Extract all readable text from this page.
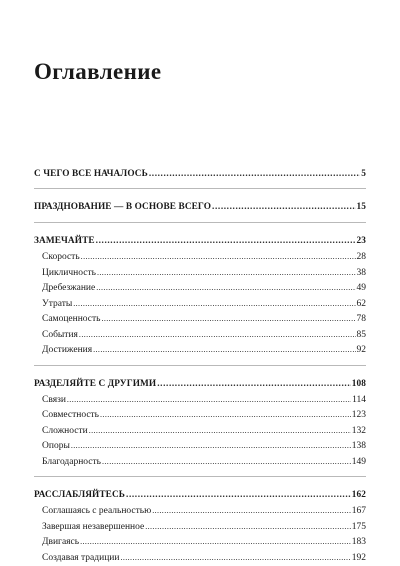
Оглавление
С ЧЕГО ВСЕ НАЧАЛОСЬ .....	5
ПРАЗДНОВАНИЕ — В ОСНОВЕ ВСЕГО .....	15
ЗАМЕЧАЙТЕ .....	23
Скорость .....	28
Цикличность .....	38
Дребезжание .....	49
Утраты .....	62
Самоценность .....	78
События .....	85
Достижения .....	92
РАЗДЕЛЯЙТЕ С ДРУГИМИ .....	108
Связи .....	114
Совместность .....	123
Сложности .....	132
Опоры .....	138
Благодарность .....	149
РАССЛАБЛЯЙТЕСЬ .....	162
Соглашаясь с реальностью .....	167
Завершая незавершенное .....	175
Двигаясь .....	183
Создавая традиции .....	192
